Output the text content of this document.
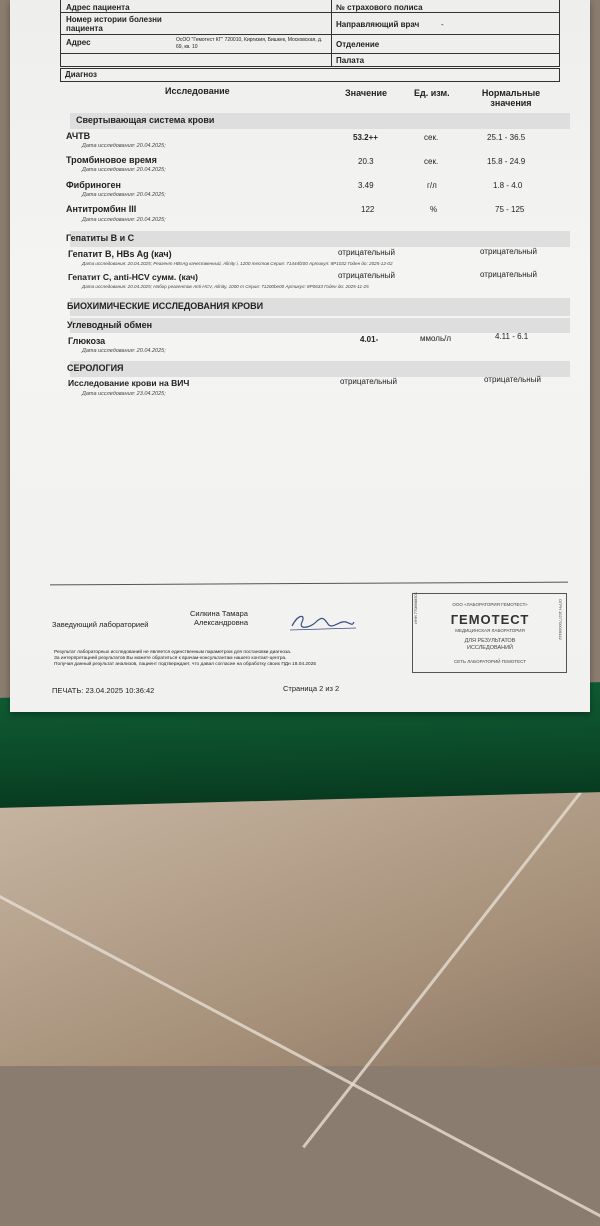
Адрес пациента
Номер истории болезни пациента
Адрес	ОсОО "Гемотест КГ" 720010, Киргизия, Бишкек, Московская, д. 69, кв. 10
№ страхового полиса
Направляющий врач	-
Отделение
Палата
Диагноз
Исследование	Значение	Ед. изм.	Нормальные значения
Свертывающая система крови
АЧТВ
Дата исследования: 20.04.2025;
53.2++	сек.	25.1 - 36.5
Тромбиновое время
Дата исследования: 20.04.2025;
20.3	сек.	15.8 - 24.9
Фибриноген
Дата исследования: 20.04.2025;
3.49	г/л	1.8 - 4.0
Антитромбин III
Дата исследования: 20.04.2025;
122	%	75 - 125
Гепатиты В и С
Гепатит В, HBs Ag (кач)	отрицательный	отрицательный
Дата исследования: 20.04.2025; Реагент HBsAg качественный, Alinity i, 1200 тестов Серия: 71444fz00 Артикул: 8P1032 Годен до: 2025-12-02
Гепатит С, anti-HCV сумм. (кач)	отрицательный	отрицательный
Дата исследования: 20.04.2025; Набор реагентов Anti-HCV, Alinity, 1000 т Серия: 71200be00 Артикул: 8P0633 Годен до: 2025-11-25
БИОХИМИЧЕСКИЕ ИССЛЕДОВАНИЯ КРОВИ
Углеводный обмен
Глюкоза
Дата исследования: 20.04.2025;
4.01-	ммоль/л	4.11 - 6.1
СЕРОЛОГИЯ
Исследование крови на ВИЧ
Дата исследования: 23.04.2025;
отрицательный	отрицательный
Заведующий лабораторией
Силкина Тамара
Александровна
Результат лабораторных исследований не является единственным параметром для постановки диагноза.
За интерпретацией результатов Вы можете обратиться к врачам-консультантам нашего контакт-центра.
Получая данный результат анализов, пациент подтверждает, что давал согласие на обработку своих ПДн 18.04.2025
ПЕЧАТЬ: 23.04.2025 10:36:42	Страница 2 из 2
ИНН 7708688501	ОГРН 1027700006442
ООО «ЛАБОРАТОРИЯ ГЕМОТЕСТ»
ГЕМОТЕСТ
МЕДИЦИНСКАЯ ЛАБОРАТОРИЯ
ДЛЯ РЕЗУЛЬТАТОВ
ИССЛЕДОВАНИЙ
СЕТЬ ЛАБОРАТОРИЙ ГЕМОТЕСТ
